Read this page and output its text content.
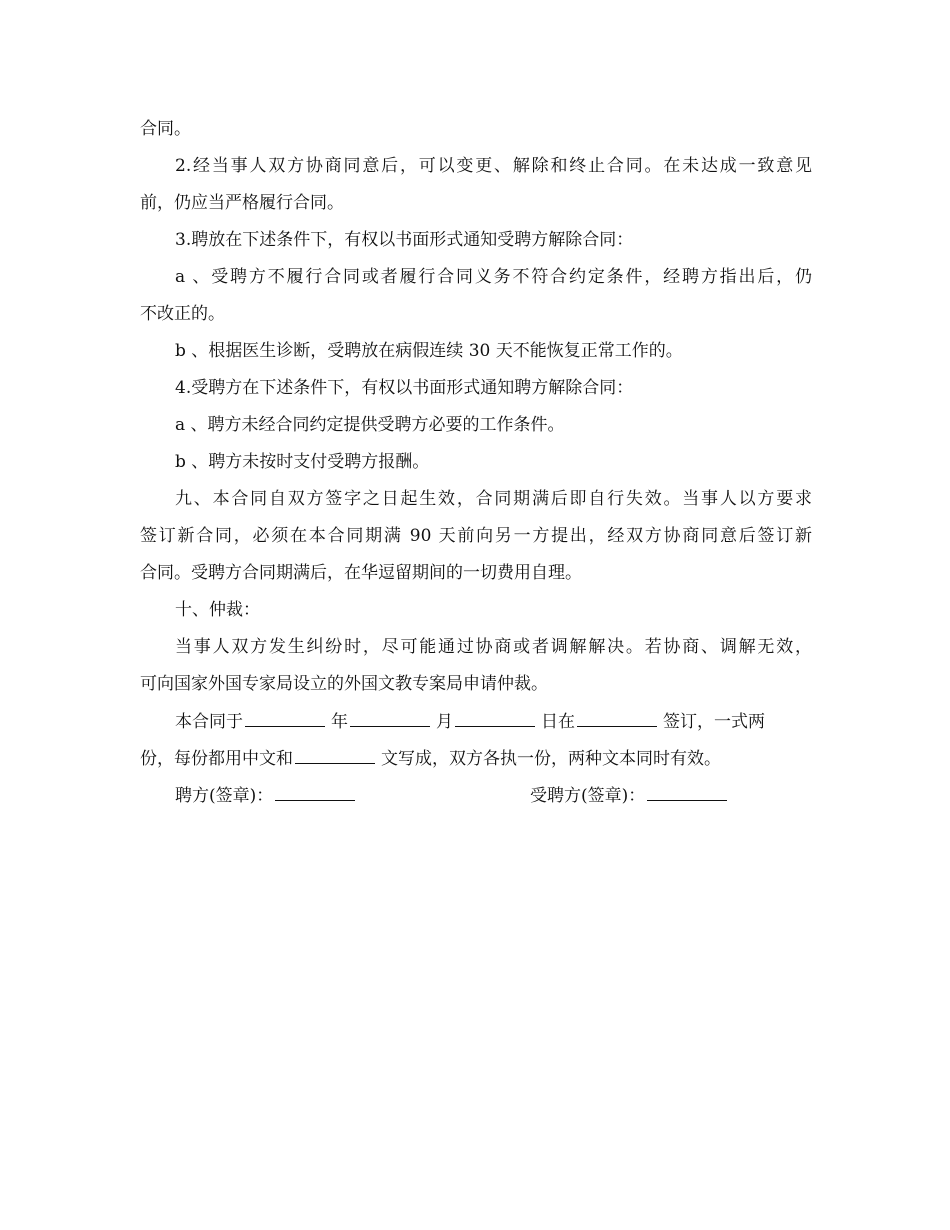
合同。
2.经当事人双方协商同意后，可以变更、解除和终止合同。在未达成一致意见
前，仍应当严格履行合同。
3.聘放在下述条件下，有权以书面形式通知受聘方解除合同：
a 、受聘方不履行合同或者履行合同义务不符合约定条件，经聘方指出后，仍
不改正的。
b 、根据医生诊断，受聘放在病假连续 30 天不能恢复正常工作的。
4.受聘方在下述条件下，有权以书面形式通知聘方解除合同：
a 、聘方未经合同约定提供受聘方必要的工作条件。
b 、聘方未按时支付受聘方报酬。
九、本合同自双方签字之日起生效，合同期满后即自行失效。当事人以方要求
签订新合同，必须在本合同期满 90 天前向另一方提出，经双方协商同意后签订新
合同。受聘方合同期满后，在华逗留期间的一切费用自理。
十、仲裁：
当事人双方发生纠纷时，尽可能通过协商或者调解解决。若协商、调解无效，
可向国家外国专家局设立的外国文教专案局申请仲裁。
本合同于	年	月	日在	签订，一式两
份，每份都用中文和	文写成，双方各执一份，两种文本同时有效。
聘方(签章)：	受聘方(签章)：
